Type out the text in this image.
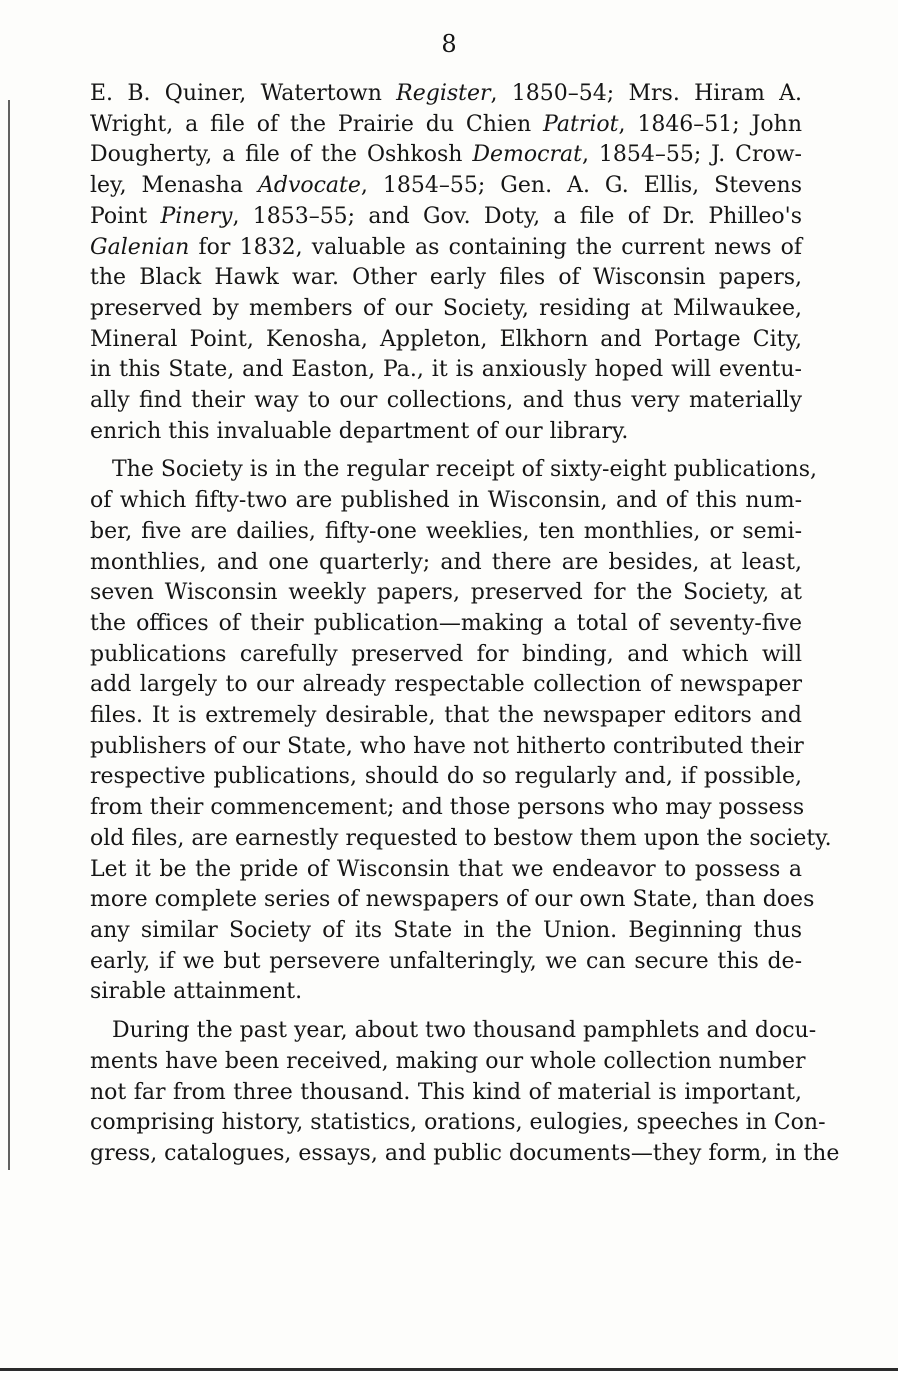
8
E. B. Quiner, Watertown Register, 1850–54; Mrs. Hiram A.
Wright, a file of the Prairie du Chien Patriot, 1846–51; John
Dougherty, a file of the Oshkosh Democrat, 1854–55; J. Crow-
ley, Menasha Advocate, 1854–55; Gen. A. G. Ellis, Stevens
Point Pinery, 1853–55; and Gov. Doty, a file of Dr. Philleo's
Galenian for 1832, valuable as containing the current news of
the Black Hawk war. Other early files of Wisconsin papers,
preserved by members of our Society, residing at Milwaukee,
Mineral Point, Kenosha, Appleton, Elkhorn and Portage City,
in this State, and Easton, Pa., it is anxiously hoped will eventu-
ally find their way to our collections, and thus very materially
enrich this invaluable department of our library.
The Society is in the regular receipt of sixty-eight publications,
of which fifty-two are published in Wisconsin, and of this num-
ber, five are dailies, fifty-one weeklies, ten monthlies, or semi-
monthlies, and one quarterly; and there are besides, at least,
seven Wisconsin weekly papers, preserved for the Society, at
the offices of their publication—making a total of seventy-five
publications carefully preserved for binding, and which will
add largely to our already respectable collection of newspaper
files. It is extremely desirable, that the newspaper editors and
publishers of our State, who have not hitherto contributed their
respective publications, should do so regularly and, if possible,
from their commencement; and those persons who may possess
old files, are earnestly requested to bestow them upon the society.
Let it be the pride of Wisconsin that we endeavor to possess a
more complete series of newspapers of our own State, than does
any similar Society of its State in the Union. Beginning thus
early, if we but persevere unfalteringly, we can secure this de-
sirable attainment.
During the past year, about two thousand pamphlets and docu-
ments have been received, making our whole collection number
not far from three thousand. This kind of material is important,
comprising history, statistics, orations, eulogies, speeches in Con-
gress, catalogues, essays, and public documents—they form, in the
